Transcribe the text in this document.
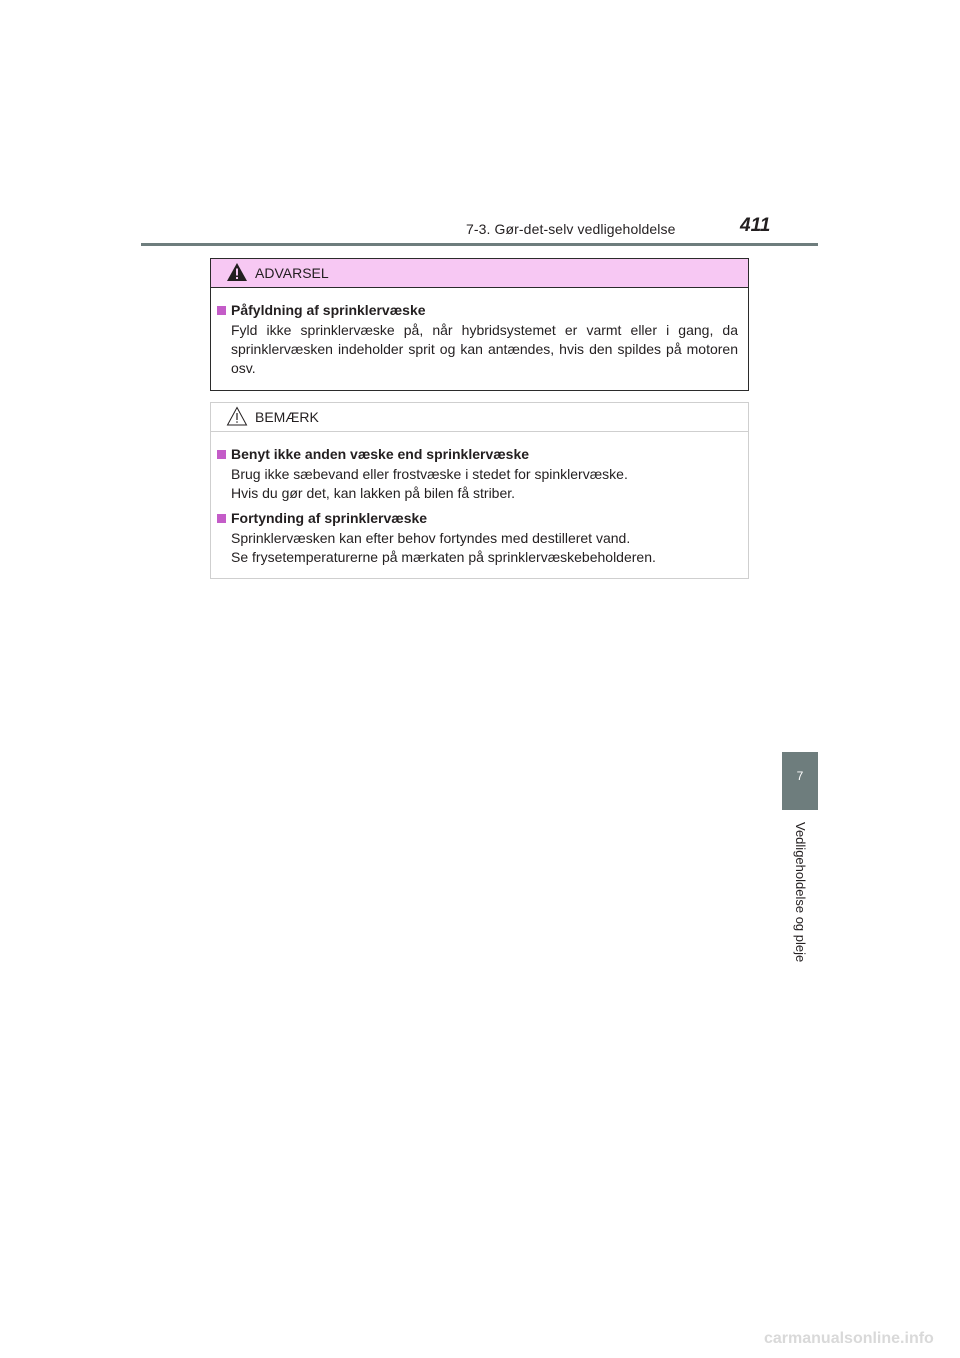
7-3. Gør-det-selv vedligeholdelse	411
ADVARSEL
Påfyldning af sprinklervæske

Fyld ikke sprinklervæske på, når hybridsystemet er varmt eller i gang, da sprinklervæsken indeholder sprit og kan antændes, hvis den spildes på motoren osv.

BEMÆRK
Benyt ikke anden væske end sprinklervæske

Brug ikke sæbevand eller frostvæske i stedet for spinklervæske.

Hvis du gør det, kan lakken på bilen få striber.

Fortynding af sprinklervæske

Sprinklervæsken kan efter behov fortyndes med destilleret vand.

Se frysetemperaturerne på mærkaten på sprinklervæskebeholderen.

7
Vedligeholdelse og pleje
carmanualsonline.info
